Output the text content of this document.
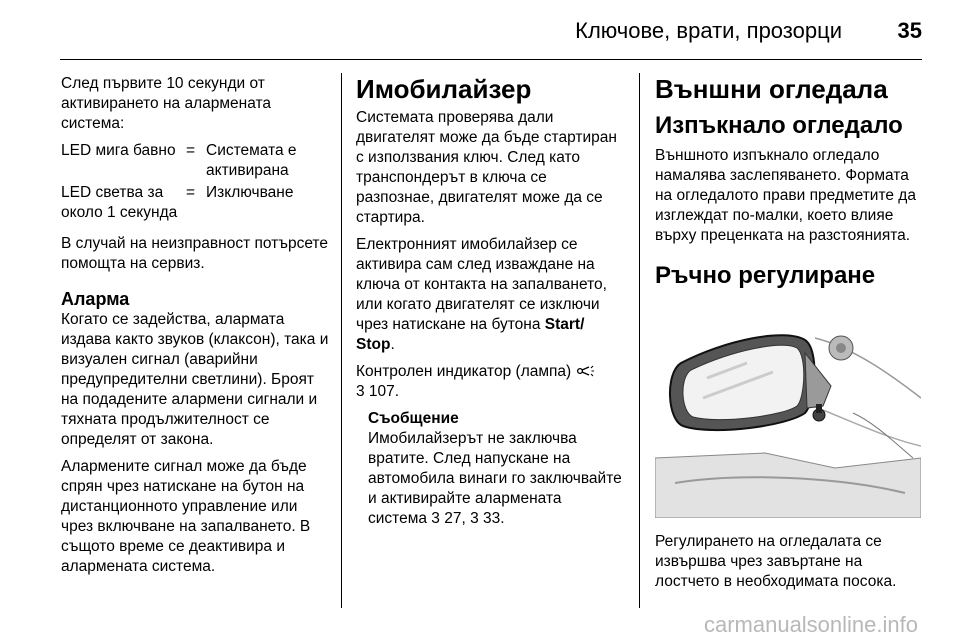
Ключове, врати, прозорци	35

След първите 10 секунди от активирането на алармената система:

LED мига бавно = Системата е активирана
LED светва за около 1 секунда
= Изключване

В случай на неизправност потърсете помощта на сервиз.

Аларма

Когато се задейства, алармата издава както звуков (клаксон), така и визуален сигнал (аварийни предупредителни светлини). Броят на подадените алармени сигнали и тяхната продължителност се определят от закона.

Алармените сигнал може да бъде спрян чрез натискане на бутон на дистанционното управление или чрез включване на запалването. В същото време се деактивира и алармената система.

Имобилайзер

Системата проверява дали двигателят може да бъде стартиран с използвания ключ. След като транспондерът в ключа се разпознае, двигателят може да се стартира.

Електронният имобилайзер се активира сам след изваждане на ключа от контакта на запалването, или когато двигателят се изключи чрез натискане на бутона Start/ Stop.

Контролен индикатор (лампа)
3 107.

Съобщение
Имобилайзерът не заключва вратите. След напускане на автомобила винаги го заключвайте и активирайте алармената система 3 27, 3 33.
Външни огледала
Изпъкнало огледало

Външното изпъкнало огледало намалява заслепяването. Формата на огледалото прави предметите да изглеждат по-малки, което влияе върху преценката на разстоянията.

Ръчно регулиране

Регулирането на огледалата се извършва чрез завъртане на лостчето в необходимата посока.

carmanualsonline.info
